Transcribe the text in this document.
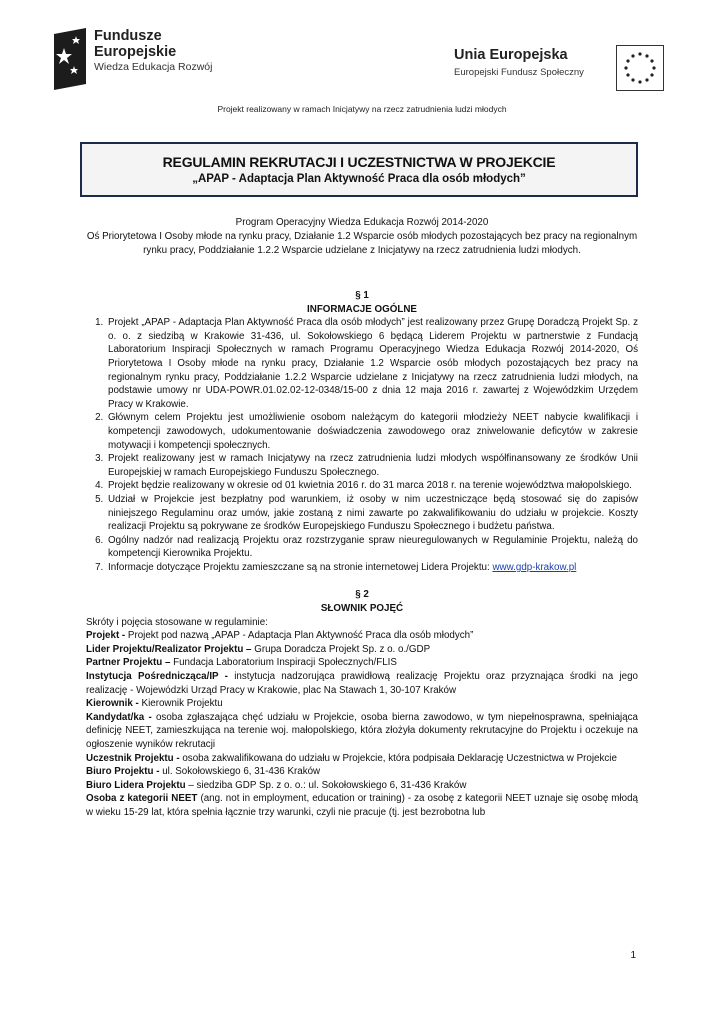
Fundusze
Europejskie
Wiedza Edukacja Rozwój
Unia Europejska
Europejski Fundusz Społeczny
Projekt realizowany w ramach Inicjatywy na rzecz zatrudnienia ludzi młodych
REGULAMIN REKRUTACJI I UCZESTNICTWA W PROJEKCIE
„APAP - Adaptacja Plan Aktywność Praca dla osób młodych”
Program Operacyjny Wiedza Edukacja Rozwój 2014-2020
Oś Priorytetowa I Osoby młode na rynku pracy, Działanie 1.2 Wsparcie osób młodych pozostających bez pracy na regionalnym rynku pracy, Poddziałanie 1.2.2 Wsparcie udzielane z Inicjatywy na rzecz zatrudnienia ludzi młodych.

§ 1

INFORMACJE OGÓLNE

1. Projekt „APAP - Adaptacja Plan Aktywność Praca dla osób młodych” jest realizowany przez Grupę Doradczą Projekt Sp. z o. o. z siedzibą w Krakowie 31-436, ul. Sokołowskiego 6 będącą Liderem Projektu w partnerstwie z Fundacją Laboratorium Inspiracji Społecznych w ramach Programu Operacyjnego Wiedza Edukacja Rozwój 2014-2020, Oś Priorytetowa I Osoby młode na rynku pracy, Działanie 1.2 Wsparcie osób młodych pozostających bez pracy na regionalnym rynku pracy, Poddziałanie 1.2.2 Wsparcie udzielane z Inicjatywy na rzecz zatrudnienia ludzi młodych, na podstawie umowy nr UDA-POWR.01.02.02-12-0348/15-00 z dnia 12 maja 2016 r. zawartej z Wojewódzkim Urzędem Pracy w Krakowie.
2. Głównym celem Projektu jest umożliwienie osobom należącym do kategorii młodzieży NEET nabycie kwalifikacji i kompetencji zawodowych, udokumentowanie doświadczenia zawodowego oraz zniwelowanie deficytów w zakresie motywacji i kompetencji społecznych.
3. Projekt realizowany jest w ramach Inicjatywy na rzecz zatrudnienia ludzi młodych współfinansowany ze środków Unii Europejskiej w ramach Europejskiego Funduszu Społecznego.
4. Projekt będzie realizowany w okresie od 01 kwietnia 2016 r. do 31 marca 2018 r. na terenie województwa małopolskiego.
5. Udział w Projekcie jest bezpłatny pod warunkiem, iż osoby w nim uczestniczące będą stosować się do zapisów niniejszego Regulaminu oraz umów, jakie zostaną z nimi zawarte po zakwalifikowaniu do udziału w projekcie. Koszty realizacji Projektu są pokrywane ze środków Europejskiego Funduszu Społecznego i budżetu państwa.
6. Ogólny nadzór nad realizacją Projektu oraz rozstrzyganie spraw nieuregulowanych w Regulaminie Projektu, należą do kompetencji Kierownika Projektu.
7. Informacje dotyczące Projektu zamieszczane są na stronie internetowej Lidera Projektu: www.gdp-krakow.pl

§ 2

SŁOWNIK POJĘĆ

Skróty i pojęcia stosowane w regulaminie:

Projekt - Projekt pod nazwą „APAP - Adaptacja Plan Aktywność Praca dla osób młodych”

Lider Projektu/Realizator Projektu – Grupa Doradcza Projekt Sp. z o. o./GDP

Partner Projektu – Fundacja Laboratorium Inspiracji Społecznych/FLIS

Instytucja Pośrednicząca/IP - instytucja nadzorująca prawidłową realizację Projektu oraz przyznająca środki na jego realizację - Wojewódzki Urząd Pracy w Krakowie, plac Na Stawach 1, 30-107 Kraków

Kierownik - Kierownik Projektu

Kandydat/ka - osoba zgłaszająca chęć udziału w Projekcie, osoba bierna zawodowo, w tym niepełnosprawna, spełniająca definicję NEET, zamieszkująca na terenie woj. małopolskiego, która złożyła dokumenty rekrutacyjne do Projektu i oczekuje na ogłoszenie wyników rekrutacji

Uczestnik Projektu - osoba zakwalifikowana do udziału w Projekcie, która podpisała Deklarację Uczestnictwa w Projekcie

Biuro Projektu - ul. Sokołowskiego 6, 31-436 Kraków

Biuro Lidera Projektu – siedziba GDP Sp. z o. o.: ul. Sokołowskiego 6, 31-436 Kraków

Osoba z kategorii NEET (ang. not in employment, education or training) - za osobę z kategorii NEET uznaje się osobę młodą w wieku 15-29 lat, która spełnia łącznie trzy warunki, czyli nie pracuje (tj. jest bezrobotna lub

1
